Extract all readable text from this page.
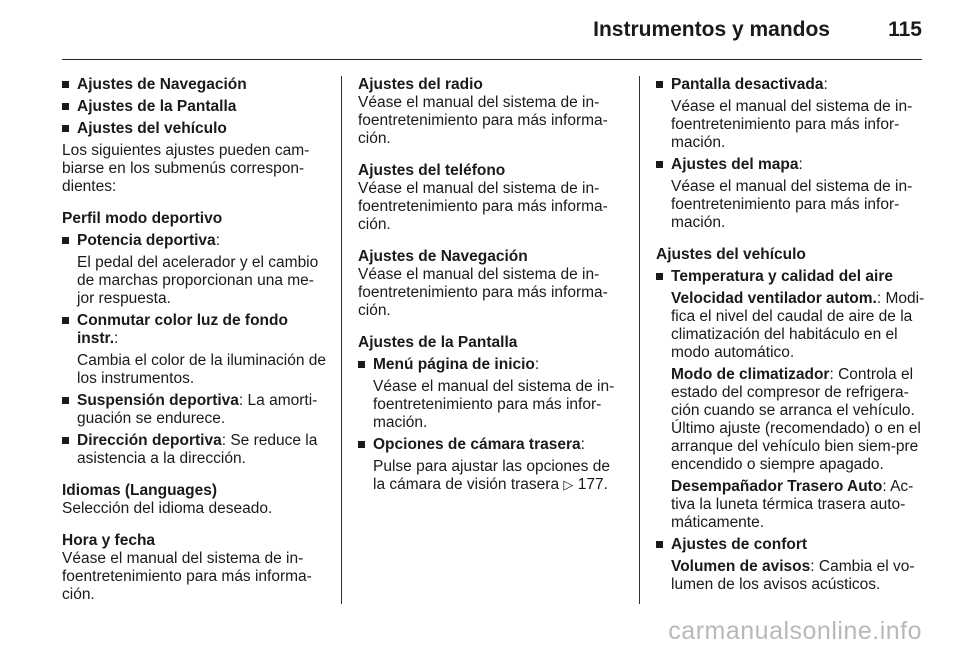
Instrumentos y mandos	115
Ajustes de Navegación
Ajustes de la Pantalla
Ajustes del vehículo
Los siguientes ajustes pueden cam-biarse en los submenús correspon-dientes:
Perfil modo deportivo
Potencia deportiva:
El pedal del acelerador y el cambio de marchas proporcionan una me-jor respuesta.
Conmutar color luz de fondo instr.:
Cambia el color de la iluminación de los instrumentos.
Suspensión deportiva: La amorti-guación se endurece.
Dirección deportiva: Se reduce la asistencia a la dirección.
Idiomas (Languages)
Selección del idioma deseado.
Hora y fecha
Véase el manual del sistema de in-foentretenimiento para más informa-ción.
Ajustes del radio
Véase el manual del sistema de in-foentretenimiento para más informa-ción.
Ajustes del teléfono
Véase el manual del sistema de in-foentretenimiento para más informa-ción.
Ajustes de Navegación
Véase el manual del sistema de in-foentretenimiento para más informa-ción.
Ajustes de la Pantalla
Menú página de inicio:
Véase el manual del sistema de in-foentretenimiento para más infor-mación.
Opciones de cámara trasera:
Pulse para ajustar las opciones de la cámara de visión trasera ▷ 177.
Pantalla desactivada:
Véase el manual del sistema de in-foentretenimiento para más infor-mación.
Ajustes del mapa:
Véase el manual del sistema de in-foentretenimiento para más infor-mación.
Ajustes del vehículo
Temperatura y calidad del aire
Velocidad ventilador autom.: Modi-fica el nivel del caudal de aire de la climatización del habitáculo en el modo automático.
Modo de climatizador: Controla el estado del compresor de refrigera-ción cuando se arranca el vehículo. Último ajuste (recomendado) o en el arranque del vehículo bien siem-pre encendido o siempre apagado.
Desempañador Trasero Auto: Ac-tiva la luneta térmica trasera auto-máticamente.
Ajustes de confort
Volumen de avisos: Cambia el vo-lumen de los avisos acústicos.
carmanualsonline.info
